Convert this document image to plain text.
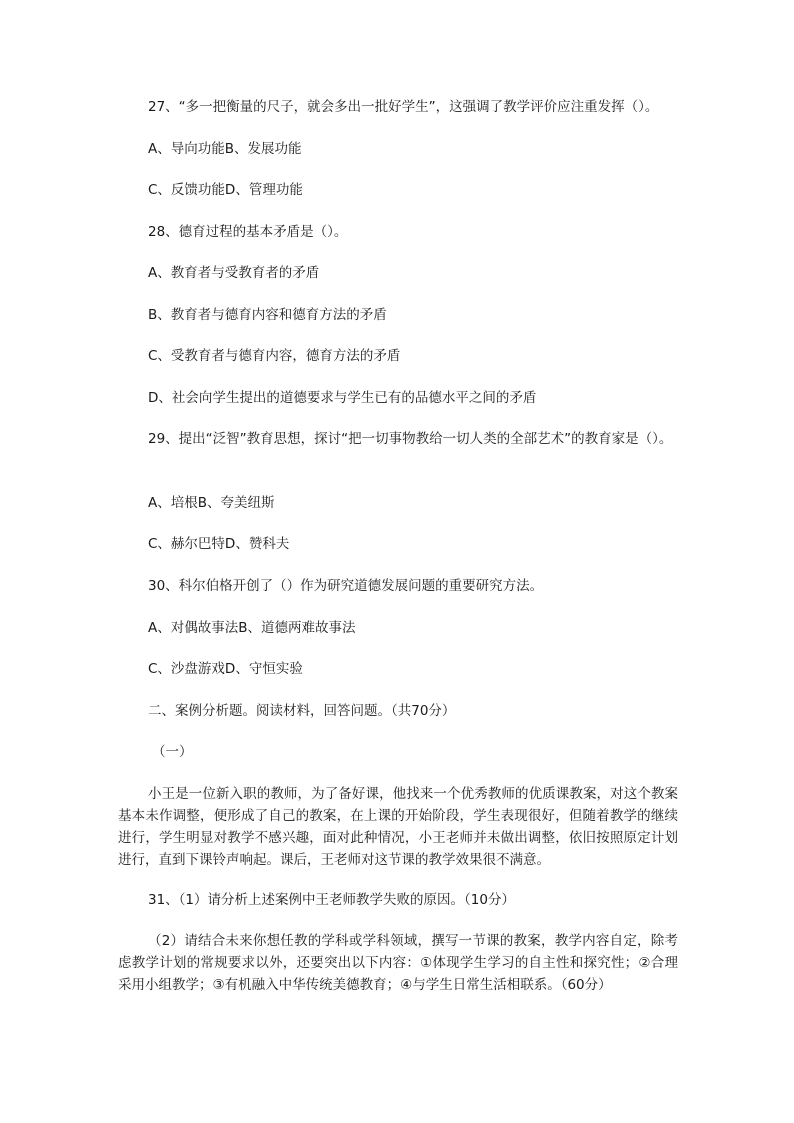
27、“多一把衡量的尺子，就会多出一批好学生”，这强调了教学评价应注重发挥（）。
A、导向功能B、发展功能
C、反馈功能D、管理功能
28、德育过程的基本矛盾是（）。
A、教育者与受教育者的矛盾
B、教育者与德育内容和德育方法的矛盾
C、受教育者与德育内容，德育方法的矛盾
D、社会向学生提出的道德要求与学生已有的品德水平之间的矛盾
29、提出“泛智”教育思想，探讨“把一切事物教给一切人类的全部艺术”的教育家是（）。
A、培根B、夸美纽斯
C、赫尔巴特D、赞科夫
30、科尔伯格开创了（）作为研究道德发展问题的重要研究方法。
A、对偶故事法B、道德两难故事法
C、沙盘游戏D、守恒实验
二、案例分析题。阅读材料，回答问题。（共70分）
（一）
小王是一位新入职的教师，为了备好课，他找来一个优秀教师的优质课教案，对这个教案基本未作调整，便形成了自己的教案，在上课的开始阶段，学生表现很好，但随着教学的继续进行，学生明显对教学不感兴趣，面对此种情况，小王老师并未做出调整，依旧按照原定计划进行，直到下课铃声响起。课后，王老师对这节课的教学效果很不满意。
31、（1）请分析上述案例中王老师教学失败的原因。（10分）
（2）请结合未来你想任教的学科或学科领域，撰写一节课的教案，教学内容自定，除考虑教学计划的常规要求以外，还要突出以下内容：①体现学生学习的自主性和探究性；②合理采用小组教学；③有机融入中华传统美德教育；④与学生日常生活相联系。（60分）
